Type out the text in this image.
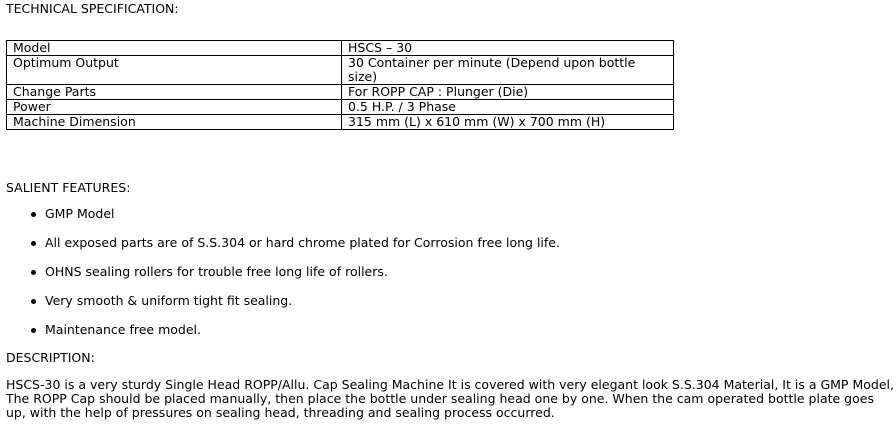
TECHNICAL SPECIFICATION:
Model	HSCS – 30
Optimum Output	30 Container per minute (Depend upon bottle size)
Change Parts	For ROPP CAP : Plunger (Die)
Power	0.5 H.P. / 3 Phase
Machine Dimension	315 mm (L) x 610 mm (W) x 700 mm (H)
SALIENT FEATURES:
GMP Model
All exposed parts are of S.S.304 or hard chrome plated for Corrosion free long life.
OHNS sealing rollers for trouble free long life of rollers.
Very smooth & uniform tight fit sealing.
Maintenance free model.
DESCRIPTION:

HSCS-30 is a very sturdy Single Head ROPP/Allu. Cap Sealing Machine It is covered with very elegant look S.S.304 Material, It is a GMP Model, The ROPP Cap should be placed manually, then place the bottle under sealing head one by one. When the cam operated bottle plate goes up, with the help of pressures on sealing head, threading and sealing process occurred.
